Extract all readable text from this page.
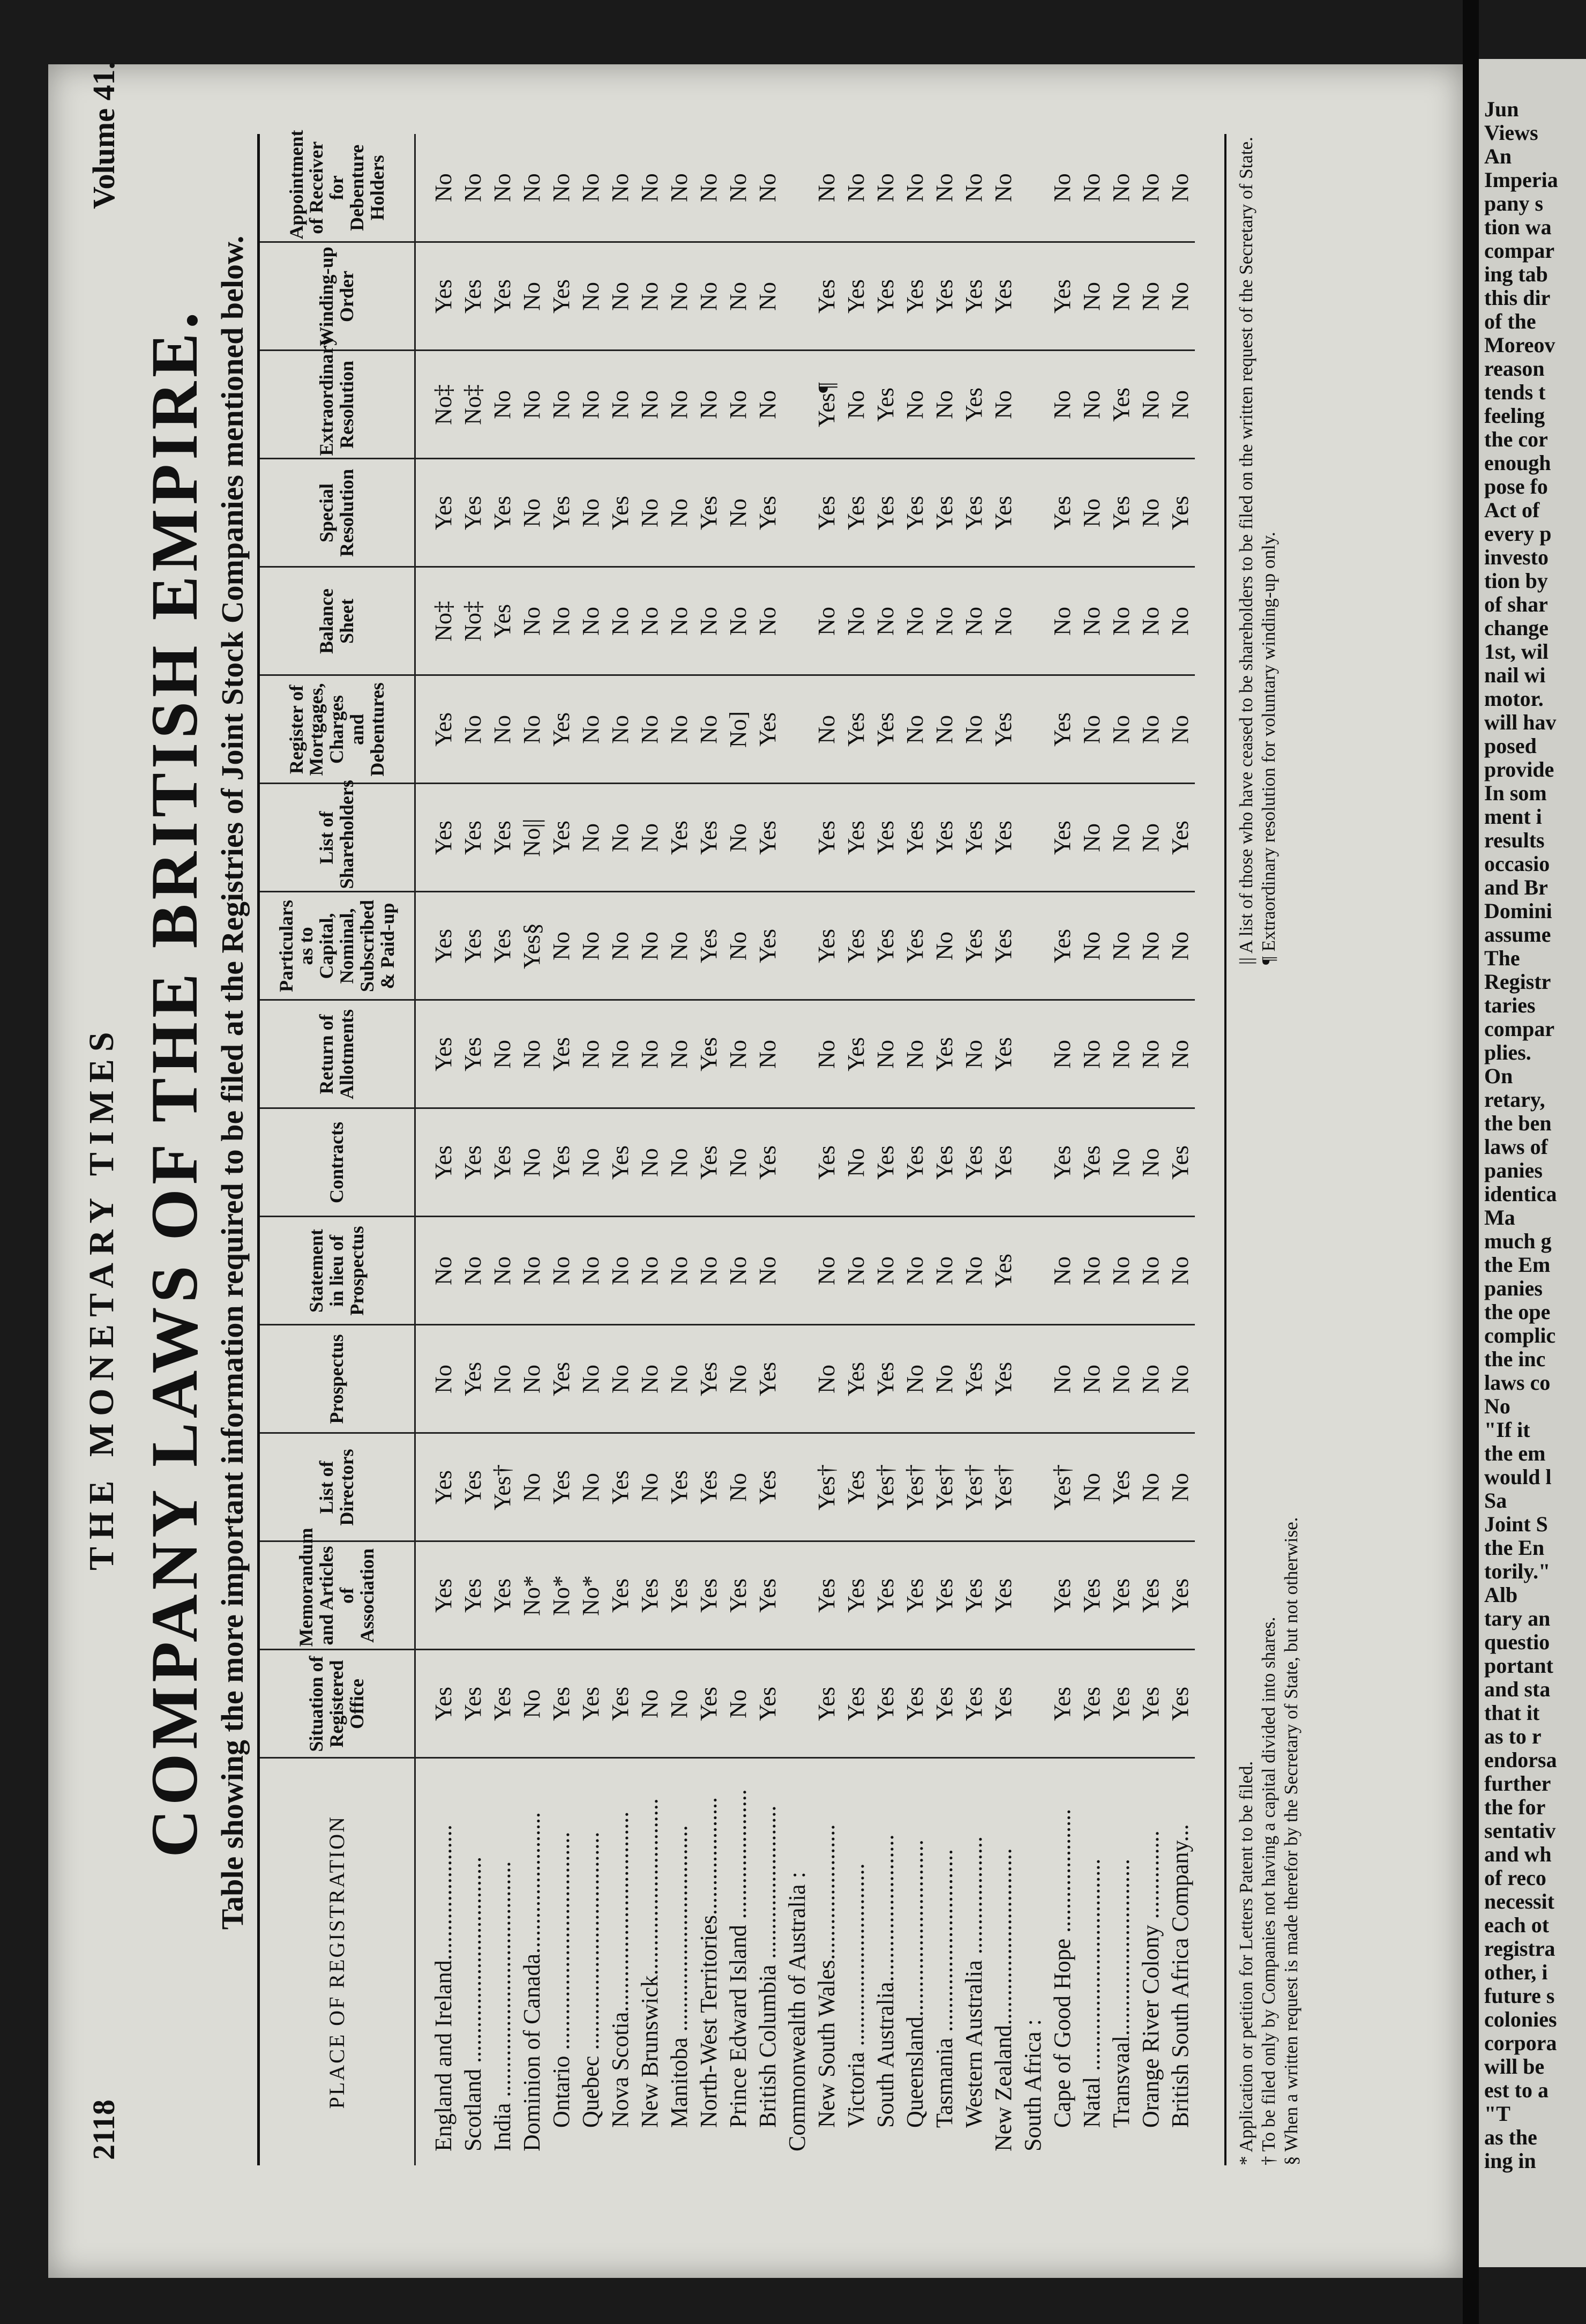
2118
THE MONETARY TIMES
Volume 41.
COMPANY LAWS OF THE BRITISH EMPIRE. Table showing the more important information required to be filed at the Registries of Joint Stock Companies mentioned below.
PLACE OF REGISTRATION	Situation of Registered Office	Memorandum and Articles of Association	List of Directors	Prospectus	Statement in lieu of Prospectus	Contracts	Return of Allotments	Particulars as to Capital, Nominal, Subscribed & Paid-up	List of Shareholders	Register of Mortgages, Charges and Debentures	Balance Sheet	Special Resolution	Extraordinary Resolution	Winding-up Order	Appointment of Receiver for Debenture Holders

England and Ireland.......................	Yes	Yes	Yes	No	No	Yes	Yes	Yes	Yes	Yes	No‡	Yes	No‡	Yes	No
Scotland ...................................	Yes	Yes	Yes	Yes	No	Yes	Yes	Yes	Yes	No	No‡	Yes	No‡	Yes	No
India ........................................	Yes	Yes	Yes†	No	No	Yes	No	Yes	Yes	No	Yes	Yes	No	Yes	No
Dominion of Canada........................	No	No*	No	No	No	No	No	Yes§	No||	No	No	No	No	No	No
Ontario .....................................	Yes	No*	Yes	Yes	No	Yes	Yes	No	Yes	Yes	No	Yes	No	Yes	No
Quebec .....................................	Yes	No*	No	No	No	No	No	No	No	No	No	No	No	No	No
Nova Scotia..................................	Yes	Yes	Yes	No	No	Yes	No	No	No	No	No	Yes	No	No	No
New Brunswick..............................	No	Yes	No	No	No	No	No	No	No	No	No	No	No	No	No
Manitoba ...................................	No	Yes	Yes	No	No	No	No	No	Yes	No	No	No	No	No	No
North-West Territories....................	Yes	Yes	Yes	Yes	No	Yes	Yes	Yes	Yes	No	No	Yes	No	No	No
Prince Edward Island ......................	No	Yes	No	No	No	No	No	No	No	No]	No	No	No	No	No
British Columbia ..........................	Yes	Yes	Yes	Yes	No	Yes	No	Yes	Yes	Yes	No	Yes	No	No	No
Commonwealth of Australia :															
New South Wales.......................	Yes	Yes	Yes†	No	No	Yes	No	Yes	Yes	No	No	Yes	Yes¶	Yes	No
Victoria ...............................	Yes	Yes	Yes	Yes	No	No	Yes	Yes	Yes	Yes	No	Yes	No	Yes	No
South Australia.........................	Yes	Yes	Yes†	Yes	No	Yes	No	Yes	Yes	Yes	No	Yes	Yes	Yes	No
Queensland..............................	Yes	Yes	Yes†	No	No	Yes	No	Yes	Yes	No	No	Yes	No	Yes	No
Tasmania ...............................	Yes	Yes	Yes†	No	No	Yes	Yes	No	Yes	No	No	Yes	No	Yes	No
Western Australia ....................	Yes	Yes	Yes†	Yes	No	Yes	No	Yes	Yes	No	No	Yes	Yes	Yes	No
New Zealand..............................	Yes	Yes	Yes†	Yes	Yes	Yes	Yes	Yes	Yes	Yes	No	Yes	No	Yes	No
South Africa :															
Cape of Good Hope .....................	Yes	Yes	Yes†	No	No	Yes	No	Yes	Yes	Yes	No	Yes	No	Yes	No
Natal ....................................	Yes	Yes	No	No	No	Yes	No	No	No	No	No	No	No	No	No
Transvaal..............................	Yes	Yes	Yes	No	No	No	No	No	No	No	No	Yes	Yes	No	No
Orange River Colony ...............	Yes	Yes	No	No	No	No	No	No	No	No	No	No	No	No	No
British South Africa Company...	Yes	Yes	No	No	No	Yes	No	No	Yes	No	No	Yes	No	No	No

* Application or petition for Letters Patent to be filed. † To be filed only by Companies not having a capital divided into shares. § When a written request is made therefor by the Secretary of State, but not otherwise.

|| A list of those who have ceased to be shareholders to be filed on the written request of the Secretary of State. ¶ Extraordinary resolution for voluntary winding-up only.

Jun
Views
An
Imperia
pany s
tion wa
compar
ing tab
this dir
of the
Moreov
reason
tends t
feeling
the cor
enough
pose fo
Act of
every p
investo
tion by
of shar
change
1st, wil
nail wi
motor.
will hav
posed
provide
In som
ment i
results
occasio
and Br
Domini
assume
The
Registr
taries
compar
plies.
On
retary,
the ben
laws of
panies
identica
Ma
much g
the Em
panies
the ope
complic
the inc
laws co
No
"If it
the em
would l
Sa
Joint S
the En
torily."
Alb
tary an
questio
portant
and sta
that it
as to r
endorsa
further
the for
sentativ
and wh
of reco
necessit
each ot
registra
other, i
future s
colonies
corpora
will be
est to a
"T
as the
ing in
